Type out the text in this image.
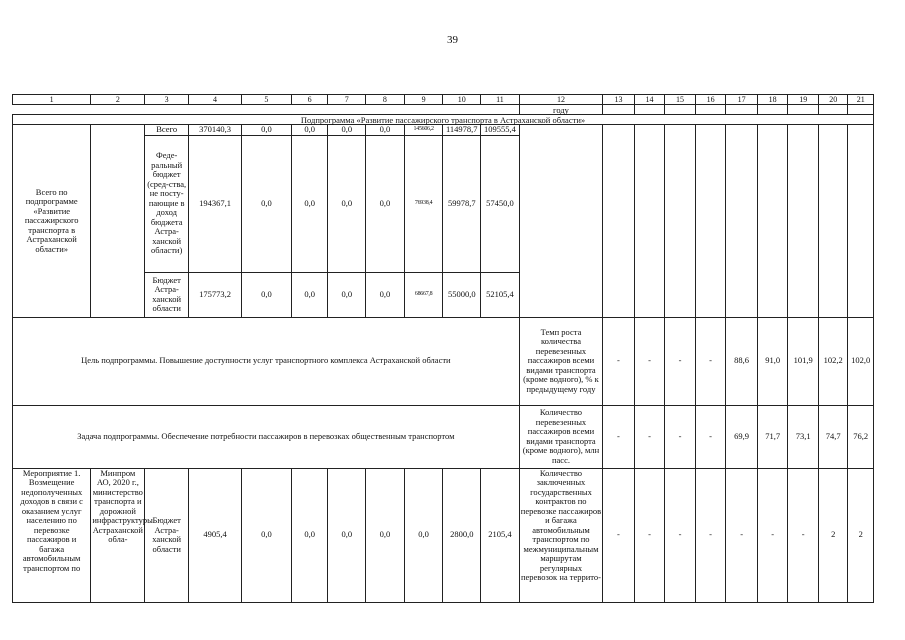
39
1	2	3	4	5	6	7	8	9	10	11	12	13	14	15	16	17	18	19	20	21
											году									
Подпрограмма «Развитие пассажирского транспорта в Астраханской области»																				
Всего по подпрограмме «Развитие пассажирского транспорта в Астраханской области»		Всего	370140,3	0,0	0,0	0,0	0,0	145606,2	114978,7	109555,4										
		Феде-ральный бюджет (сред-ства, не посту-пающие в доход бюджета Астра-ханской области)	194367,1	0,0	0,0	0,0	0,0	76938,4	59978,7	57450,0										
		Бюджет Астра-ханской области	175773,2	0,0	0,0	0,0	0,0	68667,8	55000,0	52105,4										
Цель подпрограммы. Повышение доступности услуг транспортного комплекса Астраханской области											Темп роста количества перевезенных пассажиров всеми видами транспорта (кроме водного), % к предыдущему году	-	-	-	-	88,6	91,0	101,9	102,2	102,0
Задача подпрограммы. Обеспечение потребности пассажиров в перевозках общественным транспортом											Количество перевезенных пассажиров всеми видами транспорта (кроме водного), млн пасс.	-	-	-	-	69,9	71,7	73,1	74,7	76,2
Мероприятие 1. Возмещение недополученных доходов в связи с оказанием услуг населению по перевозке пассажиров и багажа автомобильным транспортом по	Минпром АО, 2020 г., министерство транспорта и дорожной инфраструктуры Астраханской обла-	Бюджет Астра-ханской области	4905,4	0,0	0,0	0,0	0,0	0,0	2800,0	2105,4	Количество заключенных государственных контрактов по перевозке пассажиров и багажа автомобильным транспортом по межмуниципальным маршрутам регулярных перевозок на террито-	-	-	-	-	-	-	-	2	2
